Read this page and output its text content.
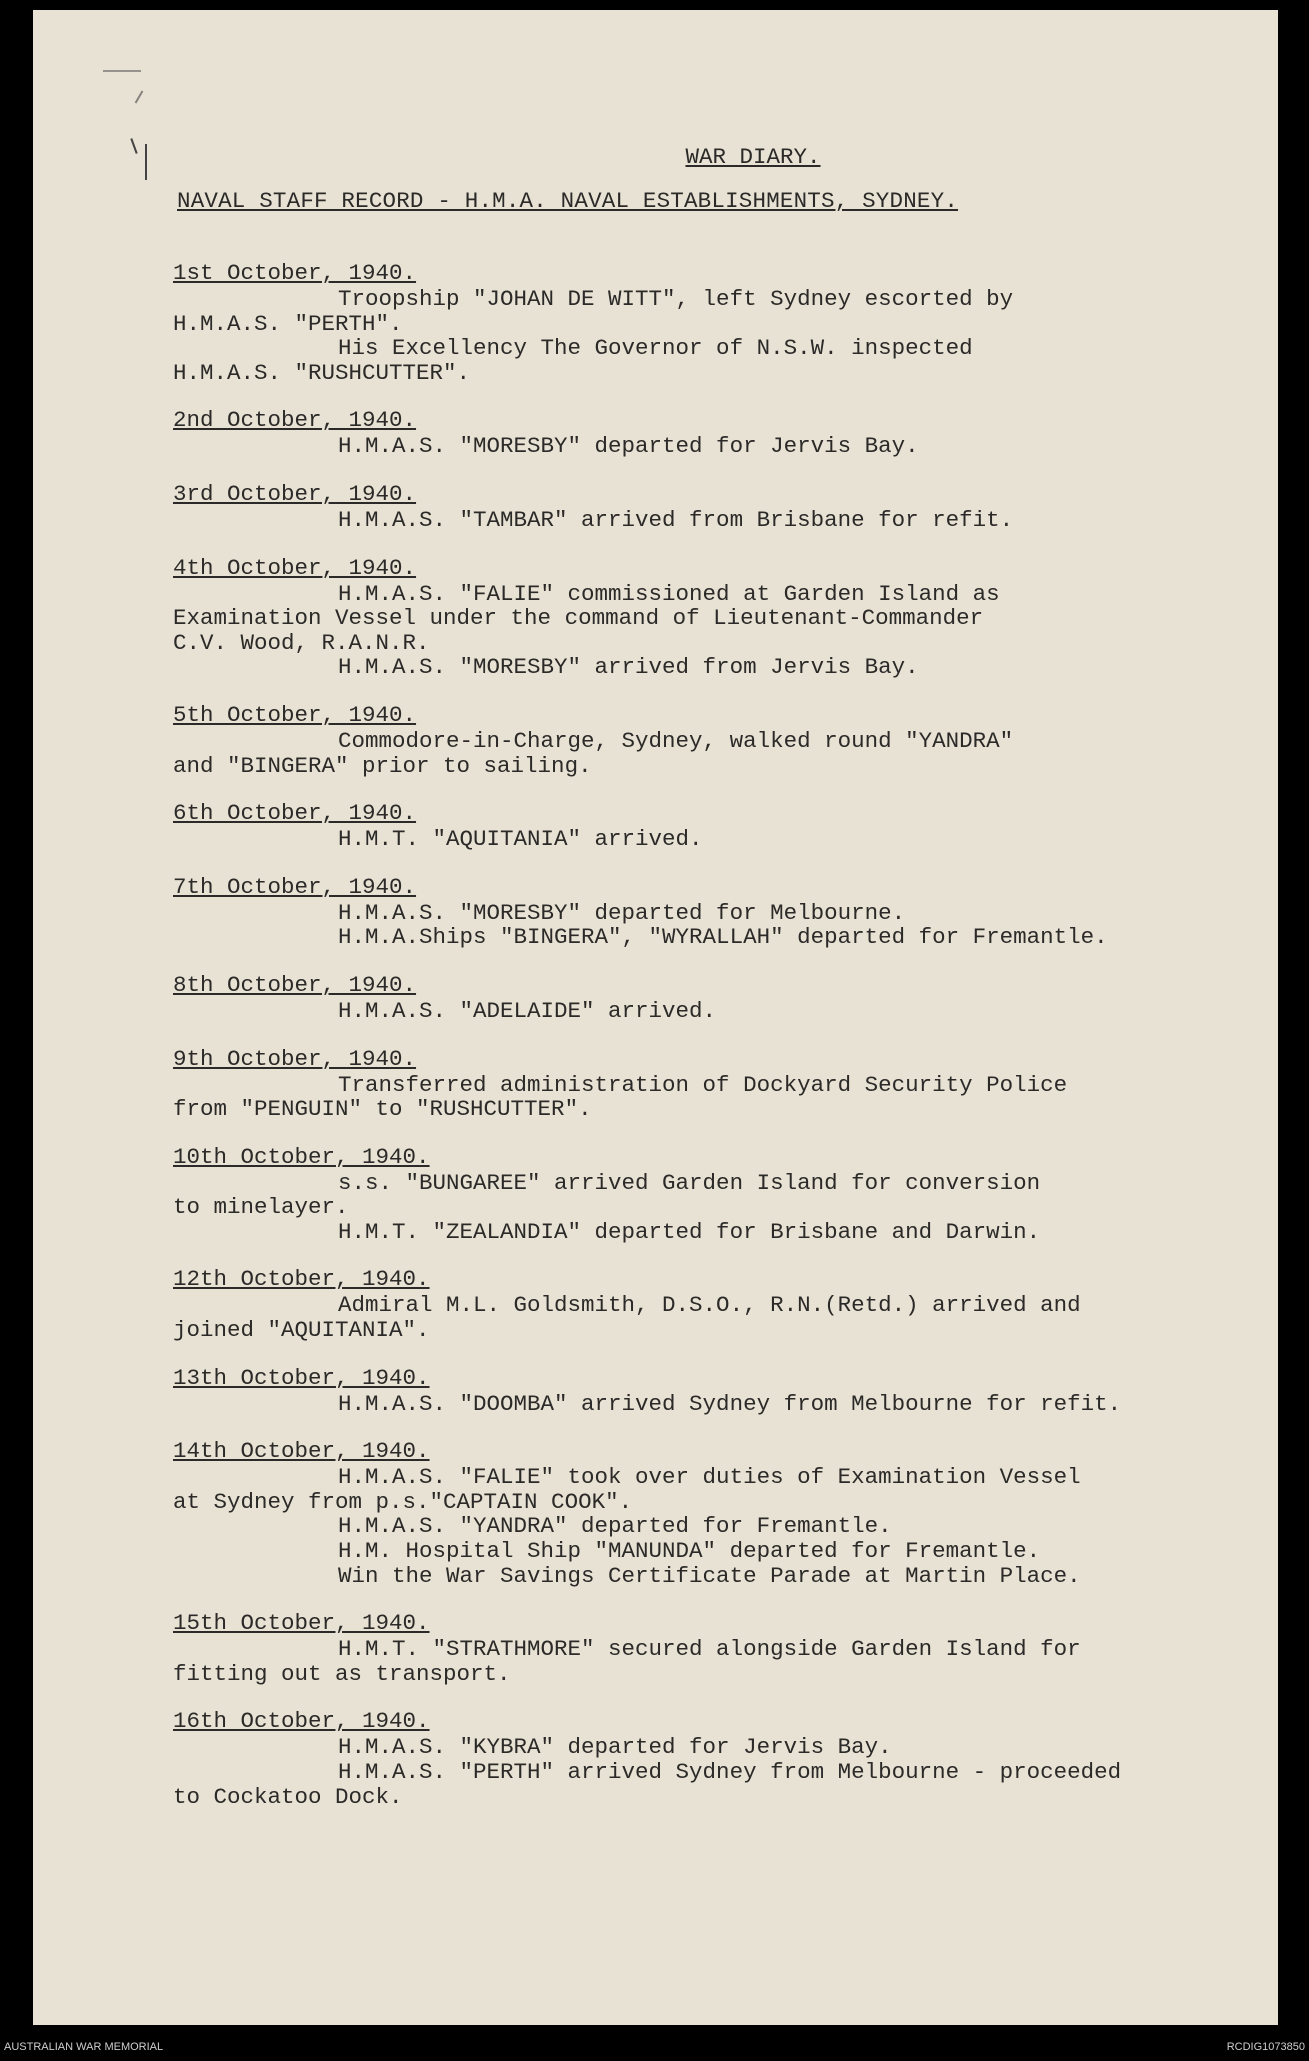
WAR DIARY.
NAVAL STAFF RECORD - H.M.A. NAVAL ESTABLISHMENTS, SYDNEY.
1st October, 1940.
Troopship "JOHAN DE WITT", left Sydney escorted by
H.M.A.S. "PERTH".
His Excellency The Governor of N.S.W. inspected
H.M.A.S. "RUSHCUTTER".
2nd October, 1940.
H.M.A.S. "MORESBY" departed for Jervis Bay.
3rd October, 1940.
H.M.A.S. "TAMBAR" arrived from Brisbane for refit.
4th October, 1940.
H.M.A.S. "FALIE" commissioned at Garden Island as
Examination Vessel under the command of Lieutenant-Commander
C.V. Wood, R.A.N.R.
H.M.A.S. "MORESBY" arrived from Jervis Bay.
5th October, 1940.
Commodore-in-Charge, Sydney, walked round "YANDRA"
and "BINGERA" prior to sailing.
6th October, 1940.
H.M.T. "AQUITANIA" arrived.
7th October, 1940.
H.M.A.S. "MORESBY" departed for Melbourne.
H.M.A.Ships "BINGERA", "WYRALLAH" departed for Fremantle.
8th October, 1940.
H.M.A.S. "ADELAIDE" arrived.
9th October, 1940.
Transferred administration of Dockyard Security Police
from "PENGUIN" to "RUSHCUTTER".
10th October, 1940.
s.s. "BUNGAREE" arrived Garden Island for conversion
to minelayer.
H.M.T. "ZEALANDIA" departed for Brisbane and Darwin.
12th October, 1940.
Admiral M.L. Goldsmith, D.S.O., R.N.(Retd.) arrived and
joined "AQUITANIA".
13th October, 1940.
H.M.A.S. "DOOMBA" arrived Sydney from Melbourne for refit.
14th October, 1940.
H.M.A.S. "FALIE" took over duties of Examination Vessel
at Sydney from p.s."CAPTAIN COOK".
H.M.A.S. "YANDRA" departed for Fremantle.
H.M. Hospital Ship "MANUNDA" departed for Fremantle.
Win the War Savings Certificate Parade at Martin Place.
15th October, 1940.
H.M.T. "STRATHMORE" secured alongside Garden Island for
fitting out as transport.
16th October, 1940.
H.M.A.S. "KYBRA" departed for Jervis Bay.
H.M.A.S. "PERTH" arrived Sydney from Melbourne - proceeded
to Cockatoo Dock.
AUSTRALIAN WAR MEMORIAL	RCDIG1073850
